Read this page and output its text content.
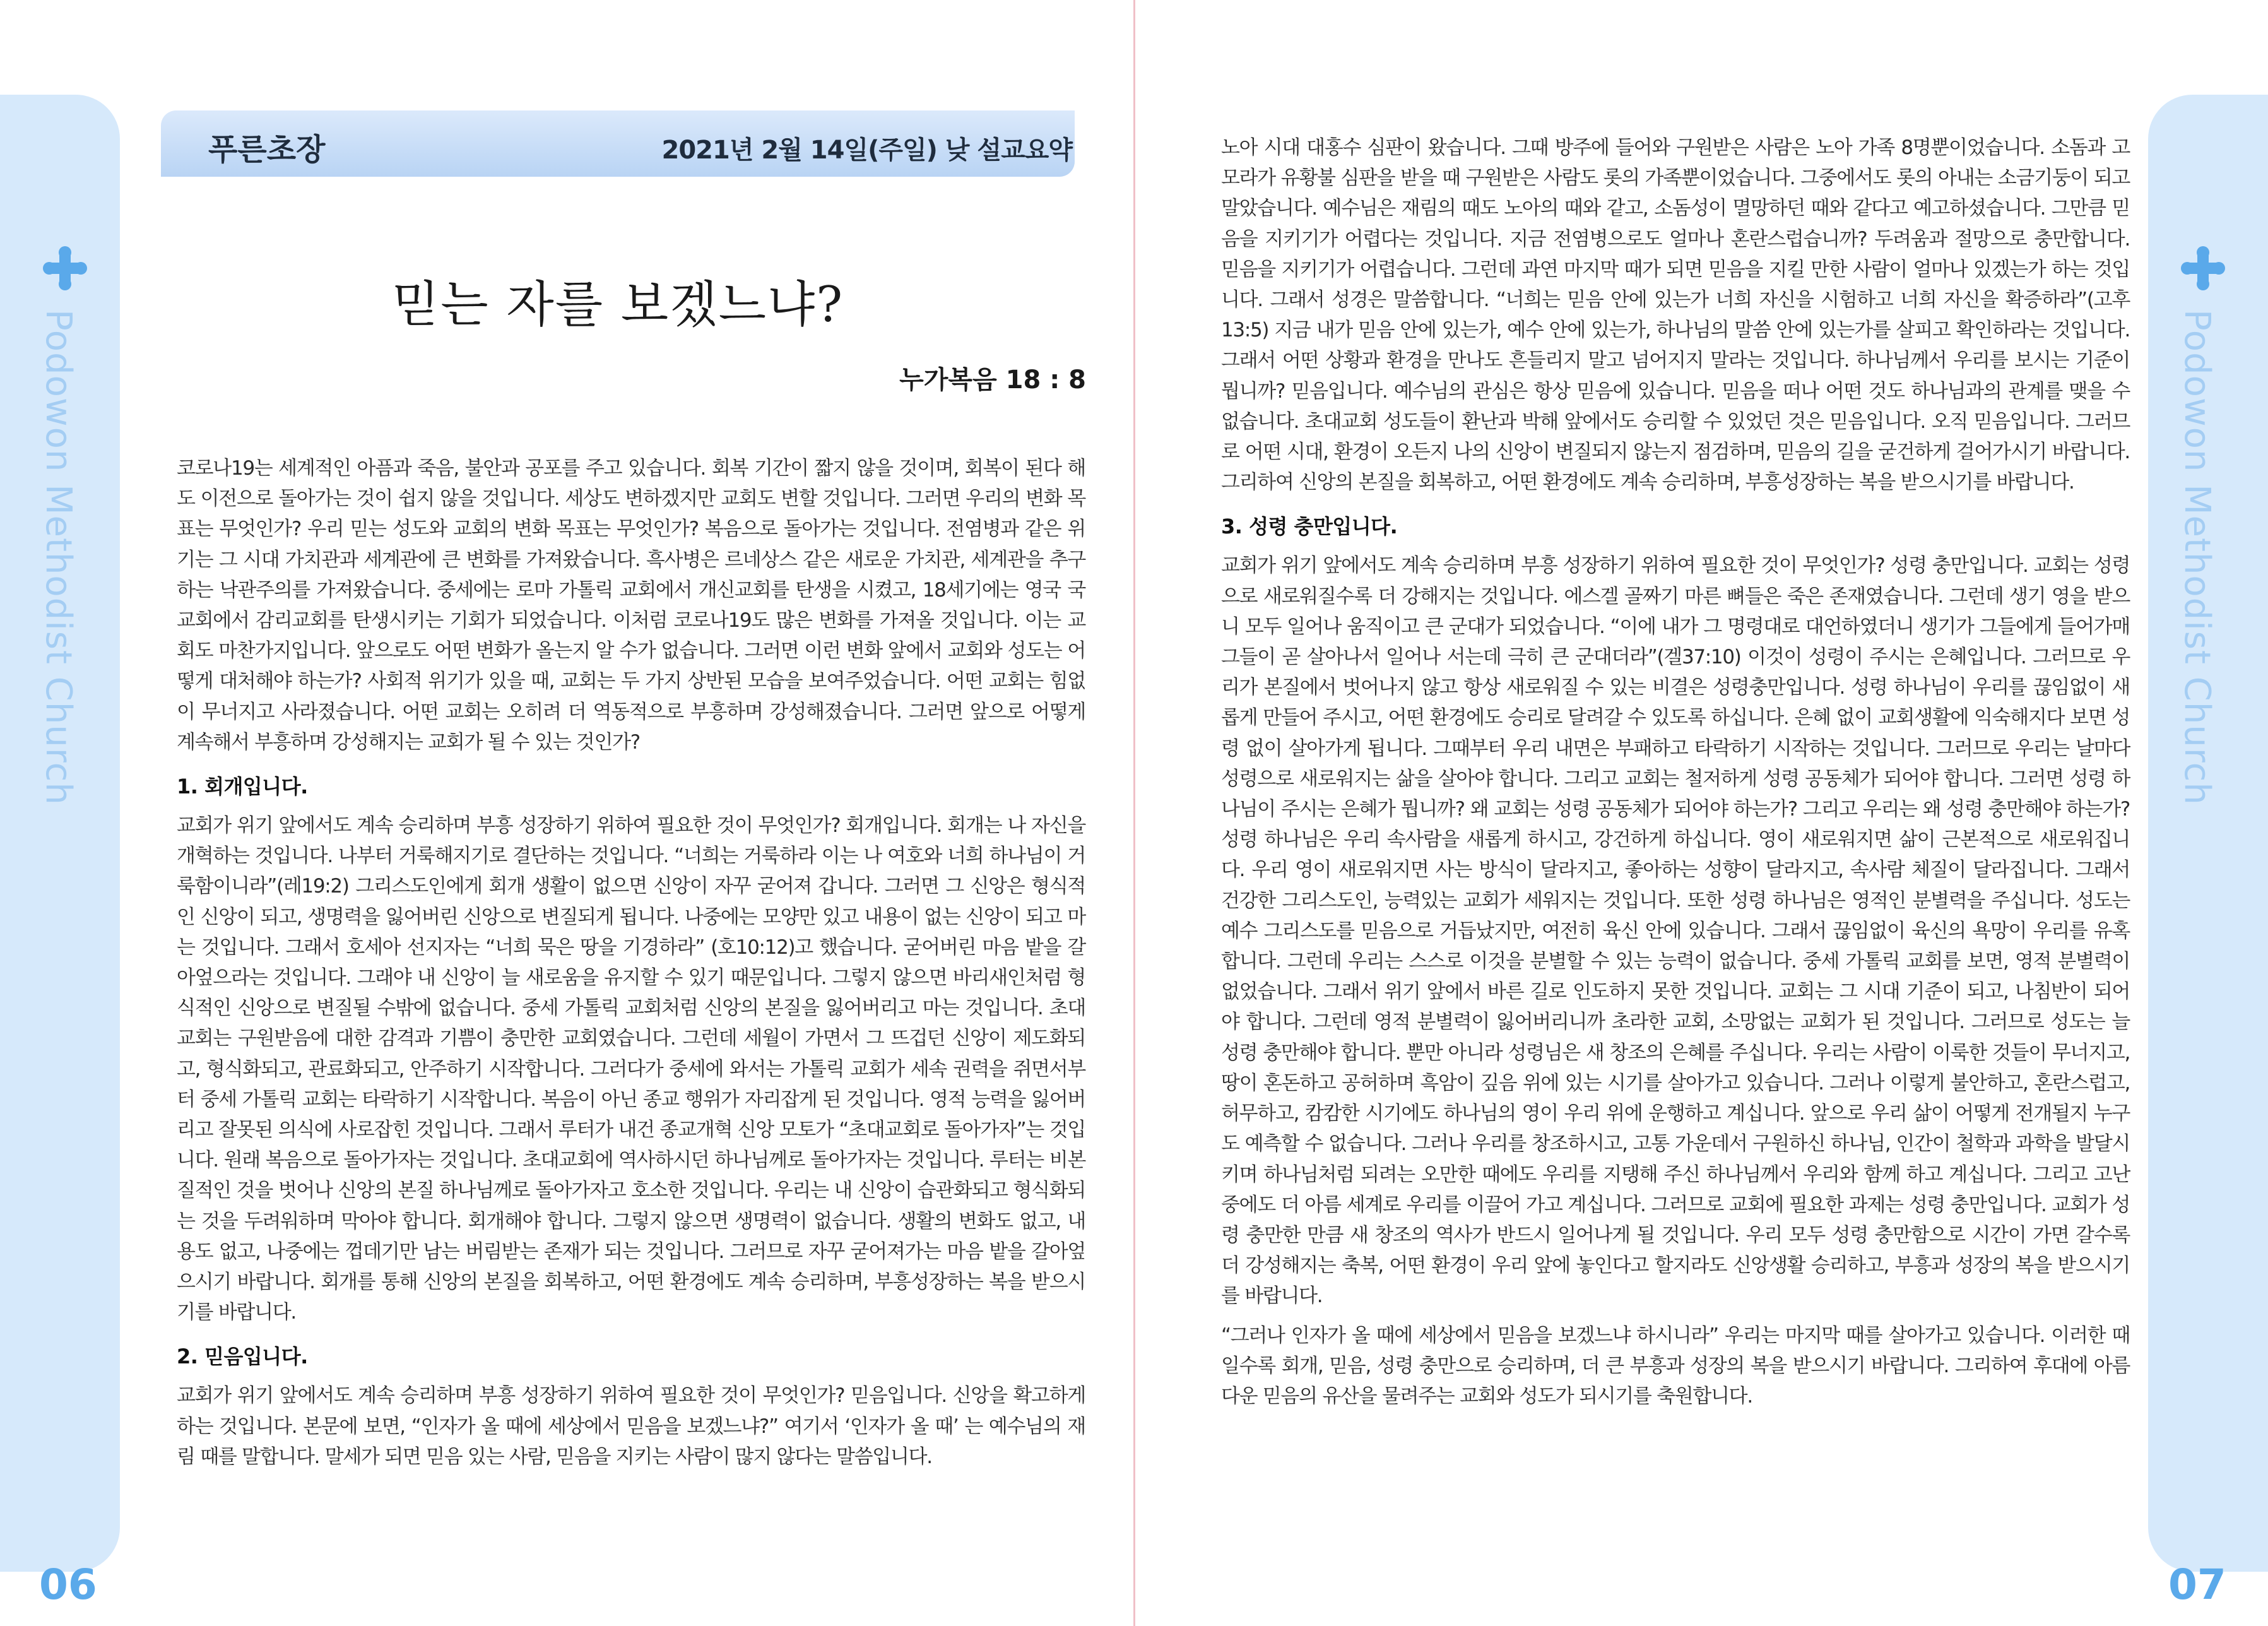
Podowon Methodist Church
06
Podowon Methodist Church
07
푸른초장	2021년 2월 14일(주일) 낮 설교요약
믿는 자를 보겠느냐?
누가복음 18 : 8

코로나19는 세계적인 아픔과 죽음, 불안과 공포를 주고 있습니다. 회복 기간이 짧지 않을 것이며, 회복이 된다 해도 이전으로 돌아가는 것이 쉽지 않을 것입니다. 세상도 변하겠지만 교회도 변할 것입니다. 그러면 우리의 변화 목표는 무엇인가? 우리 믿는 성도와 교회의 변화 목표는 무엇인가? 복음으로 돌아가는 것입니다. 전염병과 같은 위기는 그 시대 가치관과 세계관에 큰 변화를 가져왔습니다. 흑사병은 르네상스 같은 새로운 가치관, 세계관을 추구하는 낙관주의를 가져왔습니다. 중세에는 로마 가톨릭 교회에서 개신교회를 탄생을 시켰고, 18세기에는 영국 국교회에서 감리교회를 탄생시키는 기회가 되었습니다. 이처럼 코로나19도 많은 변화를 가져올 것입니다. 이는 교회도 마찬가지입니다. 앞으로도 어떤 변화가 올는지 알 수가 없습니다. 그러면 이런 변화 앞에서 교회와 성도는 어떻게 대처해야 하는가? 사회적 위기가 있을 때, 교회는 두 가지 상반된 모습을 보여주었습니다. 어떤 교회는 힘없이 무너지고 사라졌습니다. 어떤 교회는 오히려 더 역동적으로 부흥하며 강성해졌습니다. 그러면 앞으로 어떻게 계속해서 부흥하며 강성해지는 교회가 될 수 있는 것인가?

1. 회개입니다.

교회가 위기 앞에서도 계속 승리하며 부흥 성장하기 위하여 필요한 것이 무엇인가? 회개입니다. 회개는 나 자신을 개혁하는 것입니다. 나부터 거룩해지기로 결단하는 것입니다. “너희는 거룩하라 이는 나 여호와 너희 하나님이 거룩함이니라”(레19:2) 그리스도인에게 회개 생활이 없으면 신앙이 자꾸 굳어져 갑니다. 그러면 그 신앙은 형식적인 신앙이 되고, 생명력을 잃어버린 신앙으로 변질되게 됩니다. 나중에는 모양만 있고 내용이 없는 신앙이 되고 마는 것입니다. 그래서 호세아 선지자는 “너희 묵은 땅을 기경하라” (호10:12)고 했습니다. 굳어버린 마음 밭을 갈아엎으라는 것입니다. 그래야 내 신앙이 늘 새로움을 유지할 수 있기 때문입니다. 그렇지 않으면 바리새인처럼 형식적인 신앙으로 변질될 수밖에 없습니다. 중세 가톨릭 교회처럼 신앙의 본질을 잃어버리고 마는 것입니다. 초대교회는 구원받음에 대한 감격과 기쁨이 충만한 교회였습니다. 그런데 세월이 가면서 그 뜨겁던 신앙이 제도화되고, 형식화되고, 관료화되고, 안주하기 시작합니다. 그러다가 중세에 와서는 가톨릭 교회가 세속 권력을 쥐면서부터 중세 가톨릭 교회는 타락하기 시작합니다. 복음이 아닌 종교 행위가 자리잡게 된 것입니다. 영적 능력을 잃어버리고 잘못된 의식에 사로잡힌 것입니다. 그래서 루터가 내건 종교개혁 신앙 모토가 “초대교회로 돌아가자”는 것입니다. 원래 복음으로 돌아가자는 것입니다. 초대교회에 역사하시던 하나님께로 돌아가자는 것입니다. 루터는 비본질적인 것을 벗어나 신앙의 본질 하나님께로 돌아가자고 호소한 것입니다. 우리는 내 신앙이 습관화되고 형식화되는 것을 두려워하며 막아야 합니다. 회개해야 합니다. 그렇지 않으면 생명력이 없습니다. 생활의 변화도 없고, 내용도 없고, 나중에는 껍데기만 남는 버림받는 존재가 되는 것입니다. 그러므로 자꾸 굳어져가는 마음 밭을 갈아엎으시기 바랍니다. 회개를 통해 신앙의 본질을 회복하고, 어떤 환경에도 계속 승리하며, 부흥성장하는 복을 받으시기를 바랍니다.

2. 믿음입니다.

교회가 위기 앞에서도 계속 승리하며 부흥 성장하기 위하여 필요한 것이 무엇인가? 믿음입니다. 신앙을 확고하게 하는 것입니다. 본문에 보면, “인자가 올 때에 세상에서 믿음을 보겠느냐?” 여기서 ‘인자가 올 때’ 는 예수님의 재림 때를 말합니다. 말세가 되면 믿음 있는 사람, 믿음을 지키는 사람이 많지 않다는 말씀입니다.

노아 시대 대홍수 심판이 왔습니다. 그때 방주에 들어와 구원받은 사람은 노아 가족 8명뿐이었습니다. 소돔과 고모라가 유황불 심판을 받을 때 구원받은 사람도 롯의 가족뿐이었습니다. 그중에서도 롯의 아내는 소금기둥이 되고 말았습니다. 예수님은 재림의 때도 노아의 때와 같고, 소돔성이 멸망하던 때와 같다고 예고하셨습니다. 그만큼 믿음을 지키기가 어렵다는 것입니다. 지금 전염병으로도 얼마나 혼란스럽습니까? 두려움과 절망으로 충만합니다. 믿음을 지키기가 어렵습니다. 그런데 과연 마지막 때가 되면 믿음을 지킬 만한 사람이 얼마나 있겠는가 하는 것입니다. 그래서 성경은 말씀합니다. “너희는 믿음 안에 있는가 너희 자신을 시험하고 너희 자신을 확증하라”(고후13:5) 지금 내가 믿음 안에 있는가, 예수 안에 있는가, 하나님의 말씀 안에 있는가를 살피고 확인하라는 것입니다. 그래서 어떤 상황과 환경을 만나도 흔들리지 말고 넘어지지 말라는 것입니다. 하나님께서 우리를 보시는 기준이 뭡니까? 믿음입니다. 예수님의 관심은 항상 믿음에 있습니다. 믿음을 떠나 어떤 것도 하나님과의 관계를 맺을 수 없습니다. 초대교회 성도들이 환난과 박해 앞에서도 승리할 수 있었던 것은 믿음입니다. 오직 믿음입니다. 그러므로 어떤 시대, 환경이 오든지 나의 신앙이 변질되지 않는지 점검하며, 믿음의 길을 굳건하게 걸어가시기 바랍니다. 그리하여 신앙의 본질을 회복하고, 어떤 환경에도 계속 승리하며, 부흥성장하는 복을 받으시기를 바랍니다.

3. 성령 충만입니다.

교회가 위기 앞에서도 계속 승리하며 부흥 성장하기 위하여 필요한 것이 무엇인가? 성령 충만입니다. 교회는 성령으로 새로워질수록 더 강해지는 것입니다. 에스겔 골짜기 마른 뼈들은 죽은 존재였습니다. 그런데 생기 영을 받으니 모두 일어나 움직이고 큰 군대가 되었습니다. “이에 내가 그 명령대로 대언하였더니 생기가 그들에게 들어가매 그들이 곧 살아나서 일어나 서는데 극히 큰 군대더라”(겔37:10) 이것이 성령이 주시는 은혜입니다. 그러므로 우리가 본질에서 벗어나지 않고 항상 새로워질 수 있는 비결은 성령충만입니다. 성령 하나님이 우리를 끊임없이 새롭게 만들어 주시고, 어떤 환경에도 승리로 달려갈 수 있도록 하십니다. 은혜 없이 교회생활에 익숙해지다 보면 성령 없이 살아가게 됩니다. 그때부터 우리 내면은 부패하고 타락하기 시작하는 것입니다. 그러므로 우리는 날마다 성령으로 새로워지는 삶을 살아야 합니다. 그리고 교회는 철저하게 성령 공동체가 되어야 합니다. 그러면 성령 하나님이 주시는 은혜가 뭡니까? 왜 교회는 성령 공동체가 되어야 하는가? 그리고 우리는 왜 성령 충만해야 하는가? 성령 하나님은 우리 속사람을 새롭게 하시고, 강건하게 하십니다. 영이 새로워지면 삶이 근본적으로 새로워집니다. 우리 영이 새로워지면 사는 방식이 달라지고, 좋아하는 성향이 달라지고, 속사람 체질이 달라집니다. 그래서 건강한 그리스도인, 능력있는 교회가 세워지는 것입니다. 또한 성령 하나님은 영적인 분별력을 주십니다. 성도는 예수 그리스도를 믿음으로 거듭났지만, 여전히 육신 안에 있습니다. 그래서 끊임없이 육신의 욕망이 우리를 유혹합니다. 그런데 우리는 스스로 이것을 분별할 수 있는 능력이 없습니다. 중세 가톨릭 교회를 보면, 영적 분별력이 없었습니다. 그래서 위기 앞에서 바른 길로 인도하지 못한 것입니다. 교회는 그 시대 기준이 되고, 나침반이 되어야 합니다. 그런데 영적 분별력이 잃어버리니까 초라한 교회, 소망없는 교회가 된 것입니다. 그러므로 성도는 늘 성령 충만해야 합니다. 뿐만 아니라 성령님은 새 창조의 은혜를 주십니다. 우리는 사람이 이룩한 것들이 무너지고, 땅이 혼돈하고 공허하며 흑암이 깊음 위에 있는 시기를 살아가고 있습니다. 그러나 이렇게 불안하고, 혼란스럽고, 허무하고, 캄캄한 시기에도 하나님의 영이 우리 위에 운행하고 계십니다. 앞으로 우리 삶이 어떻게 전개될지 누구도 예측할 수 없습니다. 그러나 우리를 창조하시고, 고통 가운데서 구원하신 하나님, 인간이 철학과 과학을 발달시키며 하나님처럼 되려는 오만한 때에도 우리를 지탱해 주신 하나님께서 우리와 함께 하고 계십니다. 그리고 고난 중에도 더 아름 세계로 우리를 이끌어 가고 계십니다. 그러므로 교회에 필요한 과제는 성령 충만입니다. 교회가 성령 충만한 만큼 새 창조의 역사가 반드시 일어나게 될 것입니다. 우리 모두 성령 충만함으로 시간이 가면 갈수록 더 강성해지는 축복, 어떤 환경이 우리 앞에 놓인다고 할지라도 신앙생활 승리하고, 부흥과 성장의 복을 받으시기를 바랍니다.

“그러나 인자가 올 때에 세상에서 믿음을 보겠느냐 하시니라” 우리는 마지막 때를 살아가고 있습니다. 이러한 때일수록 회개, 믿음, 성령 충만으로 승리하며, 더 큰 부흥과 성장의 복을 받으시기 바랍니다. 그리하여 후대에 아름다운 믿음의 유산을 물려주는 교회와 성도가 되시기를 축원합니다.
